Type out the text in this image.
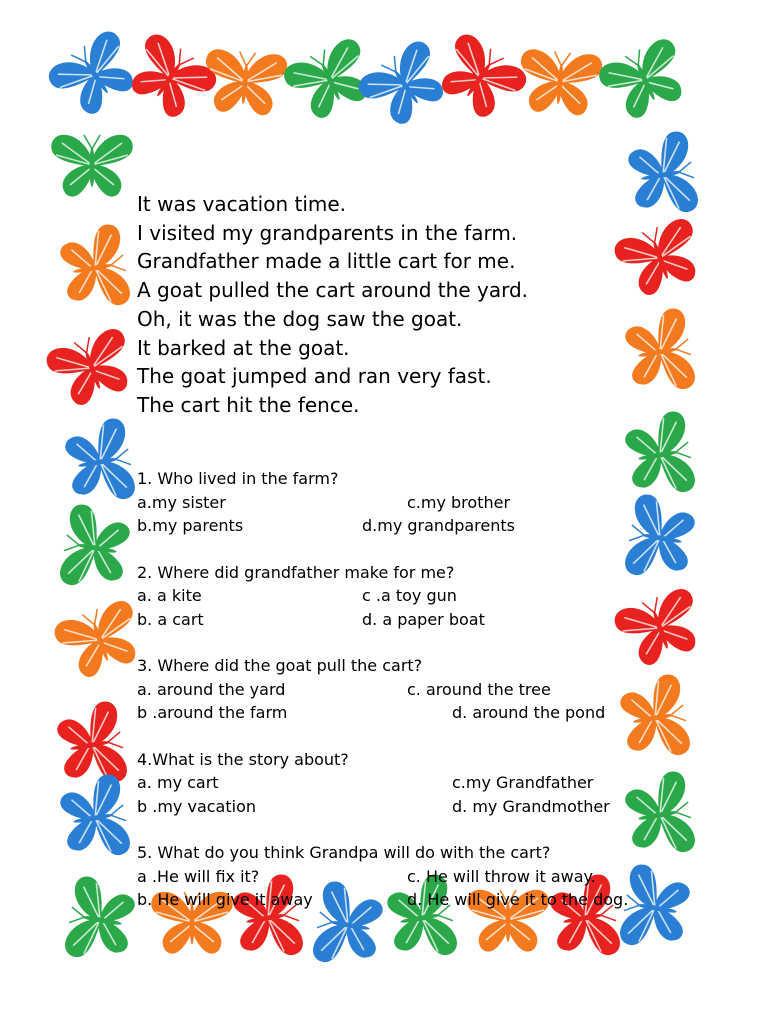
It was vacation time.
I visited my grandparents in the farm.
Grandfather made a little cart for me.
A goat pulled the cart around the yard.
Oh, it was the dog saw the goat.
It barked at the goat.
The goat jumped and ran very fast.
The cart hit the fence.
1. Who lived in the farm?
a.my sister	c.my brother
b.my parents	d.my grandparents
2. Where did grandfather make for me?
a. a kite	c .a toy gun
b. a cart	d. a paper boat
3. Where did the goat pull the cart?
a. around the yard	c. around the tree
b .around the farm	d. around the pond
4.What is the story about?
a. my cart	c.my Grandfather
b .my vacation	d. my Grandmother
5. What do you think Grandpa will do with the cart?
a .He will fix it?	c. He will throw it away.
b. He will give it away	d. He will give it to the dog.
